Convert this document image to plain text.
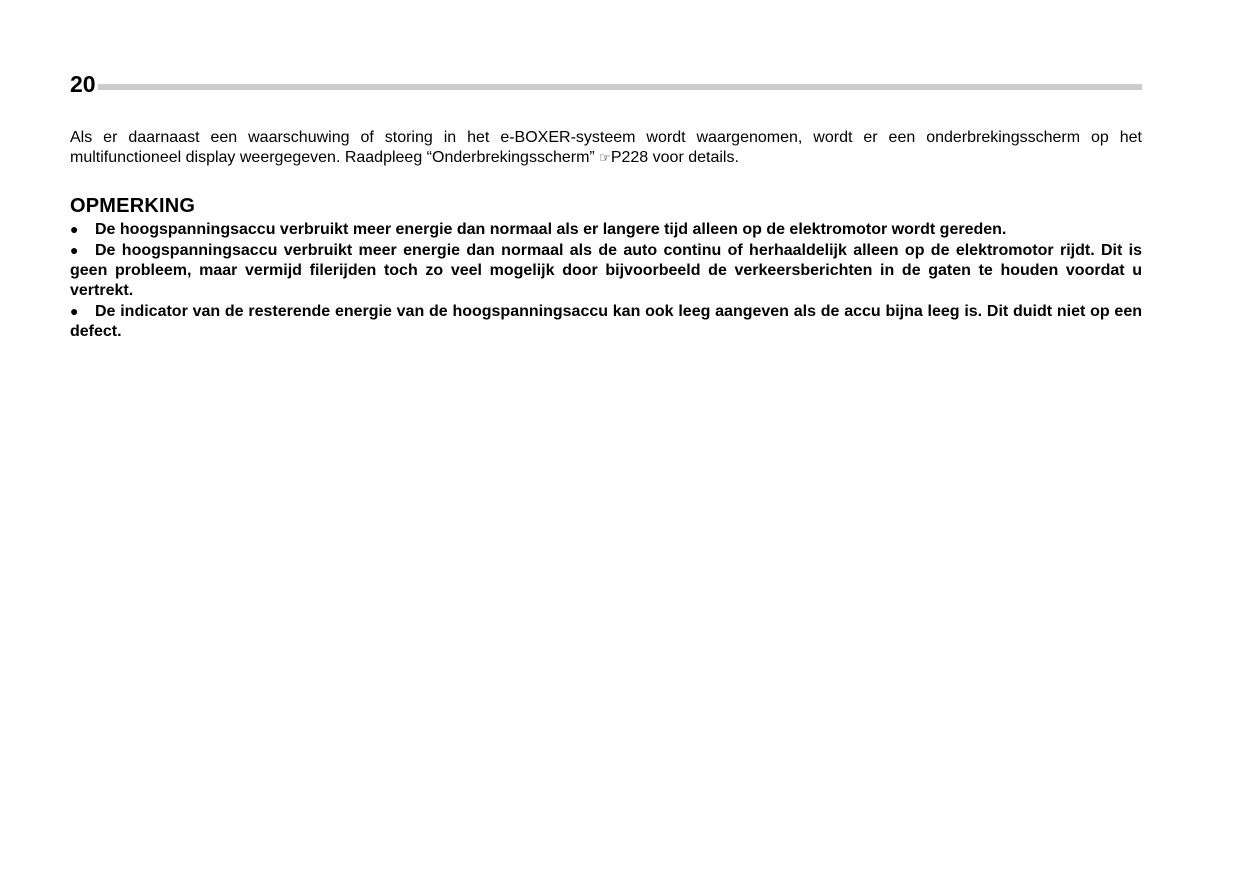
20

Als er daarnaast een waarschuwing of storing in het e-BOXER-systeem wordt waargenomen, wordt er een onderbrekingsscherm op het multifunctioneel display weergegeven. Raadpleeg “Onderbrekingsscherm” ☞P228 voor details.

OPMERKING
● De hoogspanningsaccu verbruikt meer energie dan normaal als er langere tijd alleen op de elektromotor wordt gereden.
● De hoogspanningsaccu verbruikt meer energie dan normaal als de auto continu of herhaaldelijk alleen op de elektromotor rijdt. Dit is geen probleem, maar vermijd filerijden toch zo veel mogelijk door bijvoorbeeld de verkeersberichten in de gaten te houden voordat u vertrekt.
● De indicator van de resterende energie van de hoogspanningsaccu kan ook leeg aangeven als de accu bijna leeg is. Dit duidt niet op een defect.
